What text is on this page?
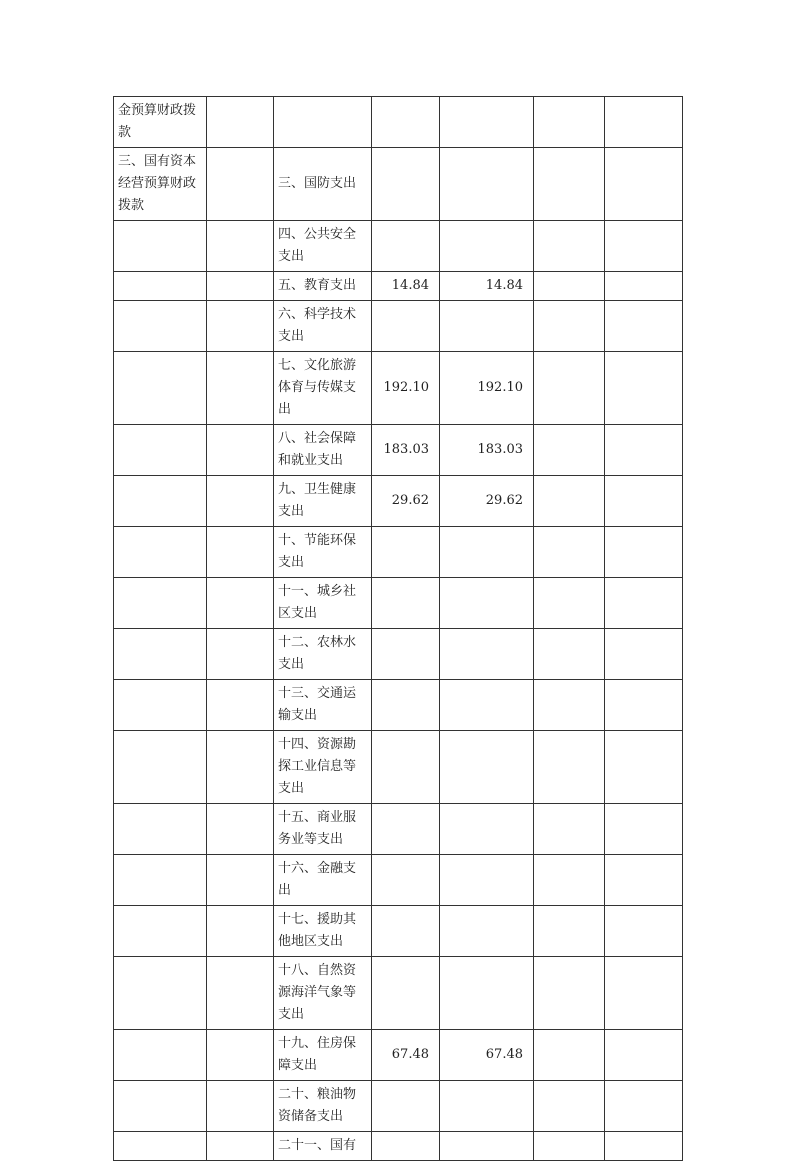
金预算财政拨款						
三、国有资本经营预算财政拨款		三、国防支出				
		四、公共安全支出				
		五、教育支出	14.84	14.84		
		六、科学技术支出				
		七、文化旅游体育与传媒支出	192.10	192.10		
		八、社会保障和就业支出	183.03	183.03		
		九、卫生健康支出	29.62	29.62		
		十、节能环保支出				
		十一、城乡社区支出				
		十二、农林水支出				
		十三、交通运输支出				
		十四、资源勘探工业信息等支出				
		十五、商业服务业等支出				
		十六、金融支出				
		十七、援助其他地区支出				
		十八、自然资源海洋气象等支出				
		十九、住房保障支出	67.48	67.48		
		二十、粮油物资储备支出				
		二十一、国有				
